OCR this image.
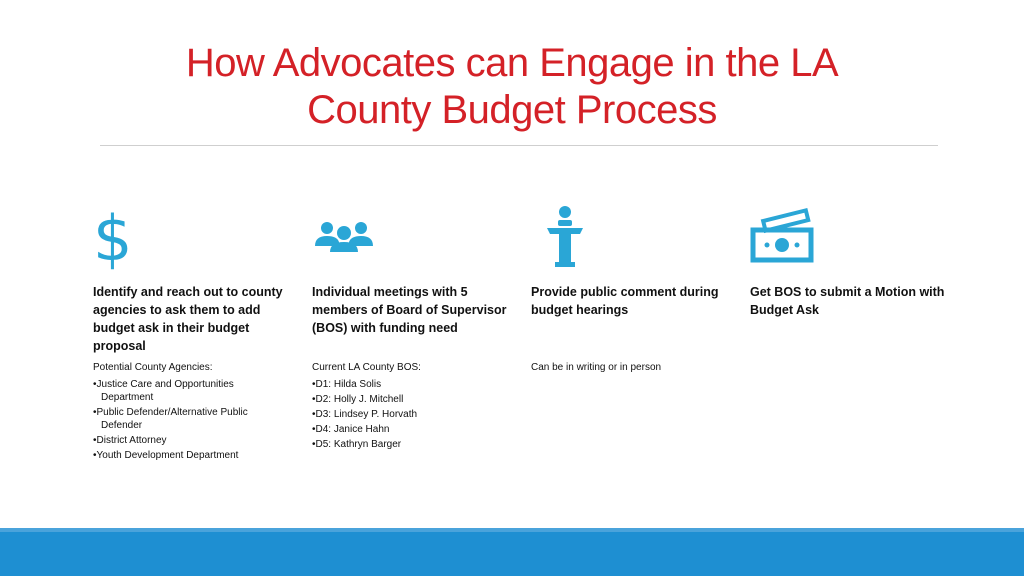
How Advocates can Engage in the LA
County Budget Process
$
Identify and reach out to county agencies to ask them to add budget ask in their budget proposal
Potential County Agencies:
• Justice Care and Opportunities Department
• Public Defender/Alternative Public Defender
• District Attorney
• Youth Development Department
Individual meetings with 5 members of Board of Supervisor (BOS) with funding need
Current LA County BOS:
• D1: Hilda Solis
• D2: Holly J. Mitchell
• D3: Lindsey P. Horvath
• D4: Janice Hahn
• D5: Kathryn Barger
Provide public comment during budget hearings
Can be in writing or in person
Get BOS to submit a Motion with Budget Ask
